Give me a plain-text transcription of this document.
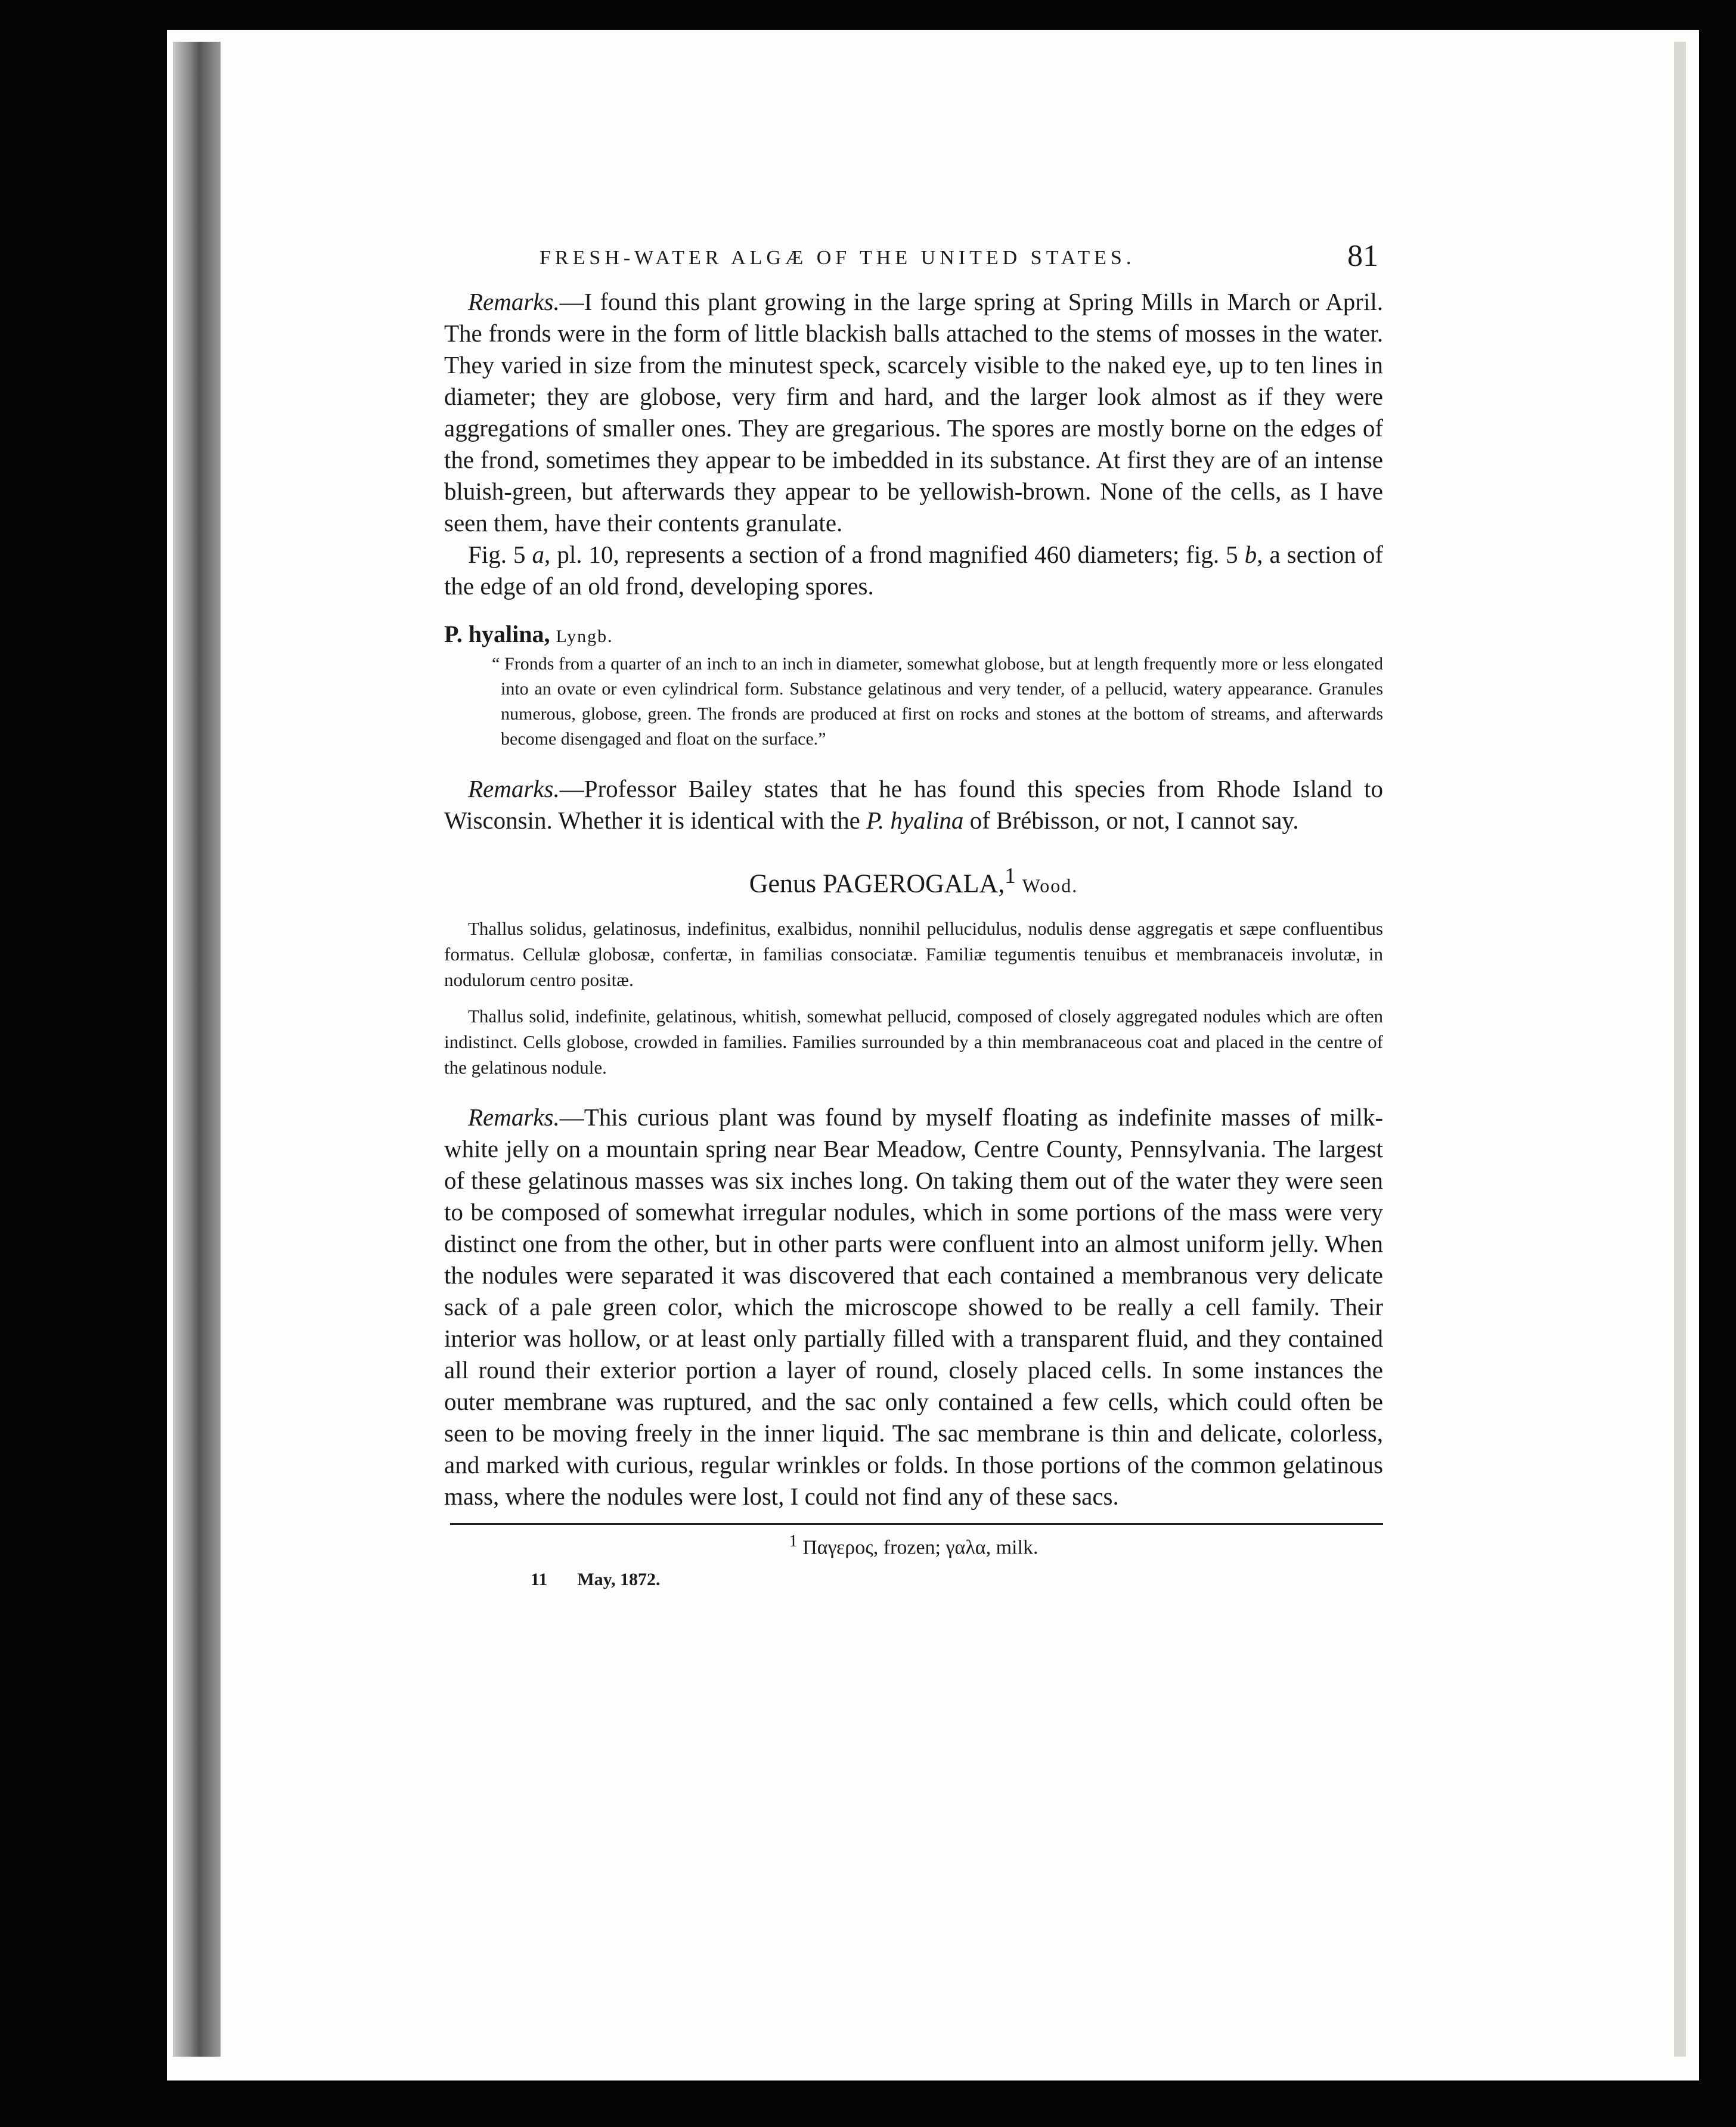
FRESH-WATER ALGÆ OF THE UNITED STATES.	81

Remarks.—I found this plant growing in the large spring at Spring Mills in March or April. The fronds were in the form of little blackish balls attached to the stems of mosses in the water. They varied in size from the minutest speck, scarcely visible to the naked eye, up to ten lines in diameter; they are globose, very firm and hard, and the larger look almost as if they were aggregations of smaller ones. They are gregarious. The spores are mostly borne on the edges of the frond, sometimes they appear to be imbedded in its substance. At first they are of an intense bluish-green, but afterwards they appear to be yellowish-brown. None of the cells, as I have seen them, have their contents granulate.

Fig. 5 a, pl. 10, represents a section of a frond magnified 460 diameters; fig. 5 b, a section of the edge of an old frond, developing spores.

P. hyalina, Lyngb.

“ Fronds from a quarter of an inch to an inch in diameter, somewhat globose, but at length frequently more or less elongated into an ovate or even cylindrical form. Substance gelatinous and very tender, of a pellucid, watery appearance. Granules numerous, globose, green. The fronds are produced at first on rocks and stones at the bottom of streams, and afterwards become disengaged and float on the surface.”

Remarks.—Professor Bailey states that he has found this species from Rhode Island to Wisconsin. Whether it is identical with the P. hyalina of Brébisson, or not, I cannot say.

Genus PAGEROGALA,$^1$ Wood.

Thallus solidus, gelatinosus, indefinitus, exalbidus, nonnihil pellucidulus, nodulis dense aggregatis et sæpe confluentibus formatus. Cellulæ globosæ, confertæ, in familias consociatæ. Familiæ tegumentis tenuibus et membranaceis involutæ, in nodulorum centro positæ.

Thallus solid, indefinite, gelatinous, whitish, somewhat pellucid, composed of closely aggregated nodules which are often indistinct. Cells globose, crowded in families. Families surrounded by a thin membranaceous coat and placed in the centre of the gelatinous nodule.

Remarks.—This curious plant was found by myself floating as indefinite masses of milk-white jelly on a mountain spring near Bear Meadow, Centre County, Pennsylvania. The largest of these gelatinous masses was six inches long. On taking them out of the water they were seen to be composed of somewhat irregular nodules, which in some portions of the mass were very distinct one from the other, but in other parts were confluent into an almost uniform jelly. When the nodules were separated it was discovered that each contained a membranous very delicate sack of a pale green color, which the microscope showed to be really a cell family. Their interior was hollow, or at least only partially filled with a transparent fluid, and they contained all round their exterior portion a layer of round, closely placed cells. In some instances the outer membrane was ruptured, and the sac only contained a few cells, which could often be seen to be moving freely in the inner liquid. The sac membrane is thin and delicate, colorless, and marked with curious, regular wrinkles or folds. In those portions of the common gelatinous mass, where the nodules were lost, I could not find any of these sacs.

$^1$ Παγερος, frozen; γαλα, milk.

11 May, 1872.
